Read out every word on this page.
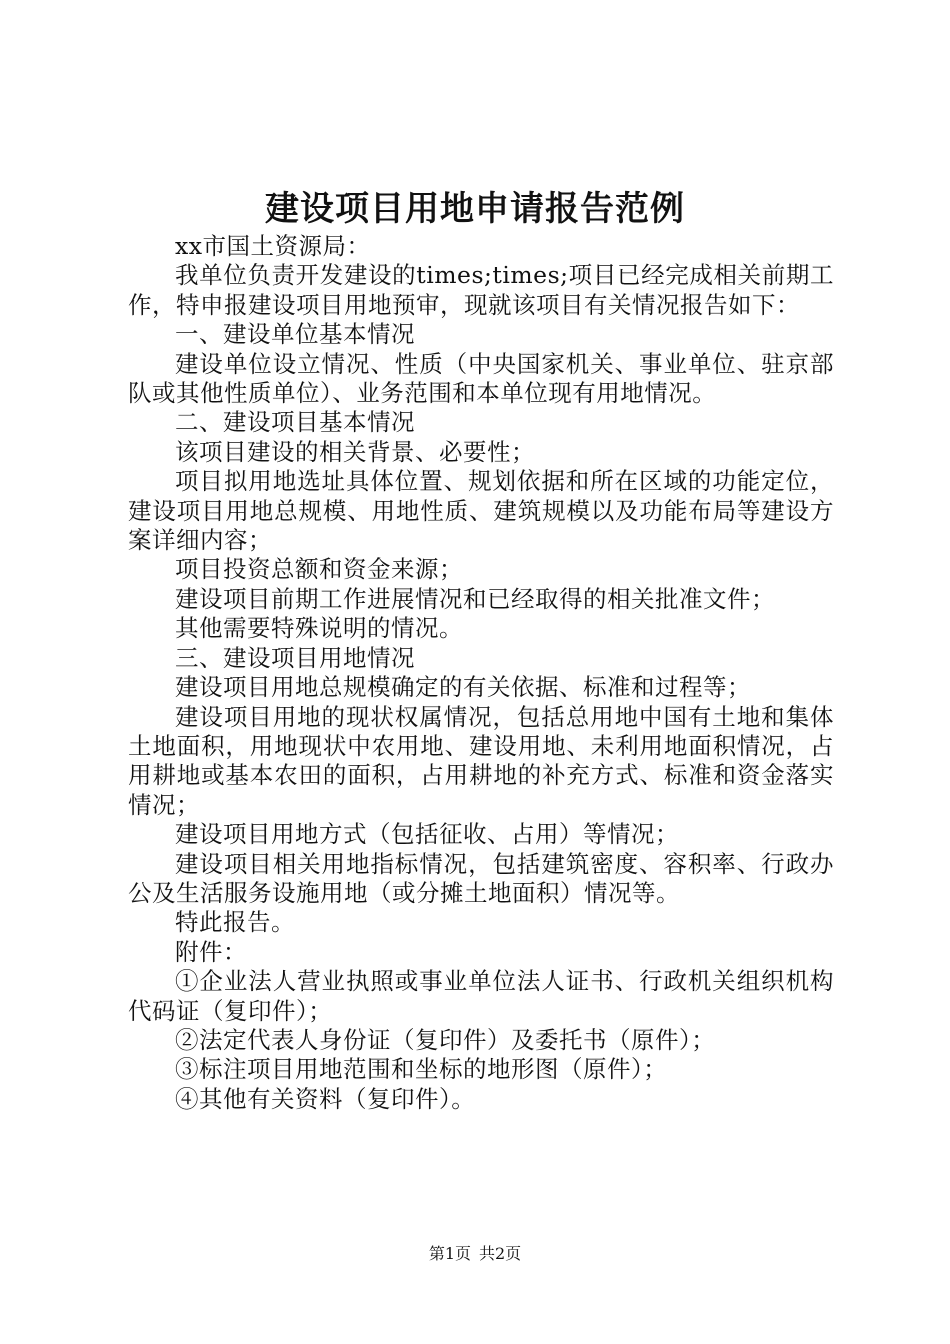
建设项目用地申请报告范例

xx市国土资源局：

我单位负责开发建设的times;times;项目已经完成相关前期工作，特申报建设项目用地预审，现就该项目有关情况报告如下：

一、建设单位基本情况

建设单位设立情况、性质（中央国家机关、事业单位、驻京部队或其他性质单位）、业务范围和本单位现有用地情况。

二、建设项目基本情况

该项目建设的相关背景、必要性；

项目拟用地选址具体位置、规划依据和所在区域的功能定位，建设项目用地总规模、用地性质、建筑规模以及功能布局等建设方案详细内容；

项目投资总额和资金来源；

建设项目前期工作进展情况和已经取得的相关批准文件；

其他需要特殊说明的情况。

三、建设项目用地情况

建设项目用地总规模确定的有关依据、标准和过程等；

建设项目用地的现状权属情况，包括总用地中国有土地和集体土地面积，用地现状中农用地、建设用地、未利用地面积情况，占用耕地或基本农田的面积，占用耕地的补充方式、标准和资金落实情况；

建设项目用地方式（包括征收、占用）等情况；

建设项目相关用地指标情况，包括建筑密度、容积率、行政办公及生活服务设施用地（或分摊土地面积）情况等。

特此报告。

附件：

①企业法人营业执照或事业单位法人证书、行政机关组织机构代码证（复印件）；

②法定代表人身份证（复印件）及委托书（原件）；

③标注项目用地范围和坐标的地形图（原件）；

④其他有关资料（复印件）。

第1页 共2页
